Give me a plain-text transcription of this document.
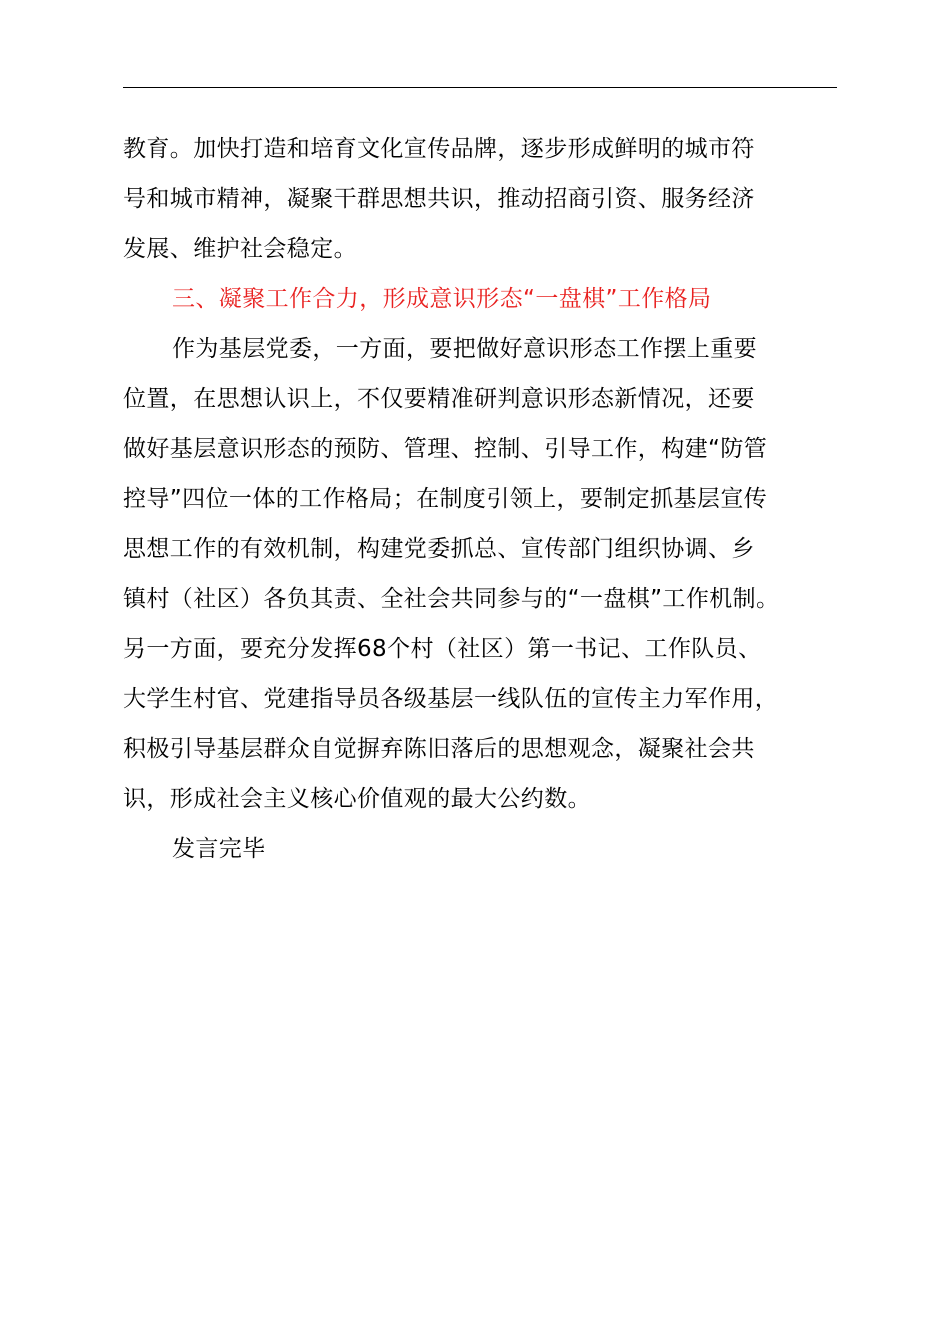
教育。加快打造和培育文化宣传品牌，逐步形成鲜明的城市符
号和城市精神，凝聚干群思想共识，推动招商引资、服务经济
发展、维护社会稳定。
三、凝聚工作合力，形成意识形态“一盘棋”工作格局
作为基层党委，一方面，要把做好意识形态工作摆上重要
位置，在思想认识上，不仅要精准研判意识形态新情况，还要
做好基层意识形态的预防、管理、控制、引导工作，构建“防管
控导”四位一体的工作格局；在制度引领上，要制定抓基层宣传
思想工作的有效机制，构建党委抓总、宣传部门组织协调、乡
镇村（社区）各负其责、全社会共同参与的“一盘棋”工作机制。
另一方面，要充分发挥68个村（社区）第一书记、工作队员、
大学生村官、党建指导员各级基层一线队伍的宣传主力军作用，
积极引导基层群众自觉摒弃陈旧落后的思想观念，凝聚社会共
识，形成社会主义核心价值观的最大公约数。
发言完毕
